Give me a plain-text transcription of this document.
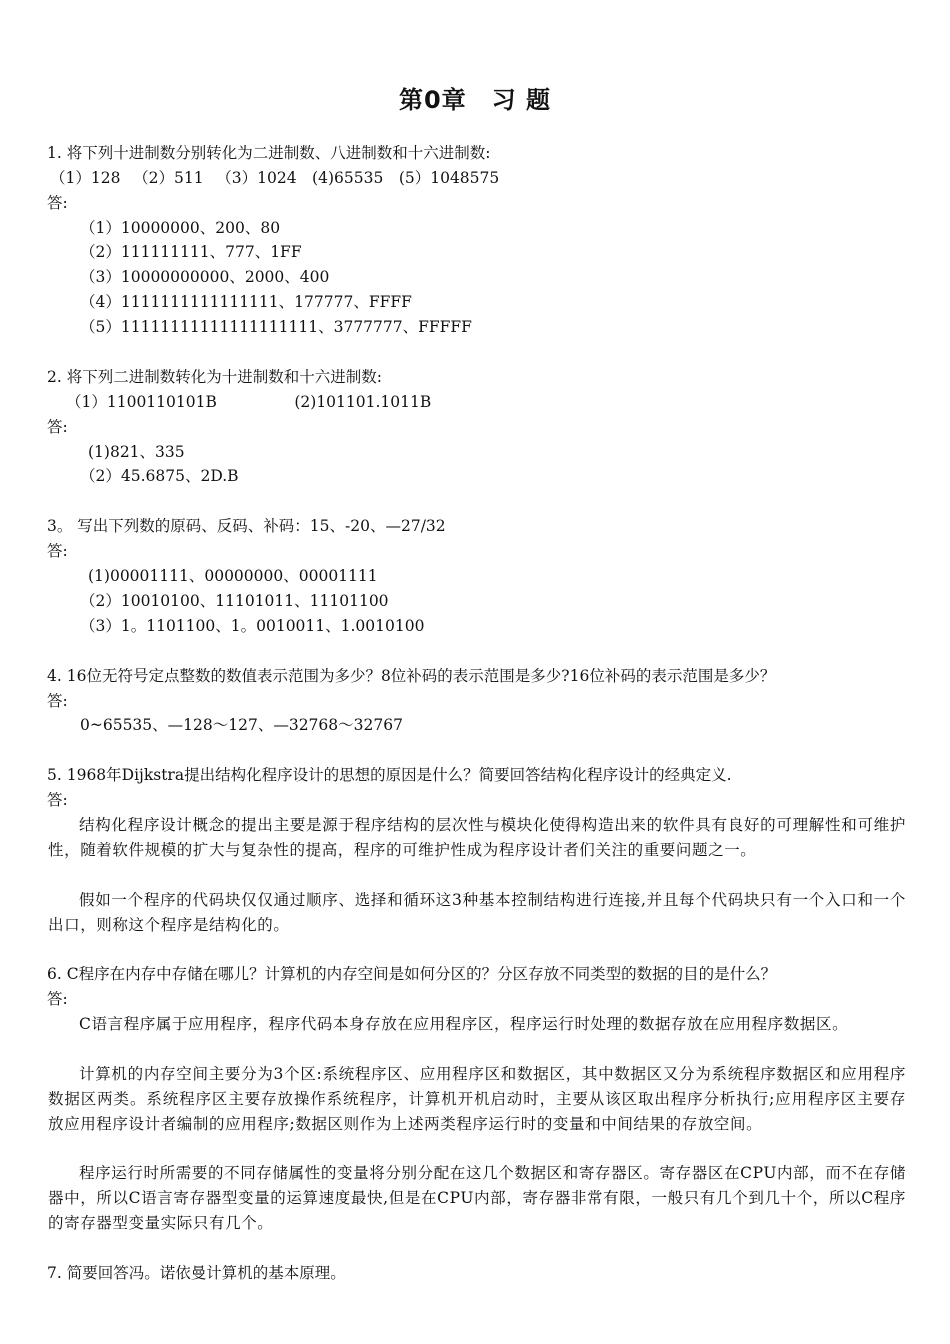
第0章　习 题

1. 将下列十进制数分别转化为二进制数、八进制数和十六进制数:

（1）128 　（2）511 　（3）1024　(4)65535　(5）1048575

答:

（1）10000000、200、80

（2）111111111、777、1FF

（3）10000000000、2000、400

（4）1111111111111111、177777、FFFF

（5）11111111111111111111、3777777、FFFFF

2. 将下列二进制数转化为十进制数和十六进制数:

（1）1100110101B　　　　　(2)101101.1011B

答:

(1)821、335

（2）45.6875、2D.B

3。 写出下列数的原码、反码、补码：15、-20、—27/32

答:

(1)00001111、00000000、00001111

（2）10010100、11101011、11101100

（3）1。1101100、1。0010011、1.0010100

4. 16位无符号定点整数的数值表示范围为多少？8位补码的表示范围是多少?16位补码的表示范围是多少？

答:

0~65535、—128～127、—32768～32767

5. 1968年Dijkstra提出结构化程序设计的思想的原因是什么？简要回答结构化程序设计的经典定义.

答:

结构化程序设计概念的提出主要是源于程序结构的层次性与模块化使得构造出来的软件具有良好的可理解性和可维护性，随着软件规模的扩大与复杂性的提高，程序的可维护性成为程序设计者们关注的重要问题之一。

假如一个程序的代码块仅仅通过顺序、选择和循环这3种基本控制结构进行连接,并且每个代码块只有一个入口和一个出口，则称这个程序是结构化的。

6. C程序在内存中存储在哪儿？计算机的内存空间是如何分区的？分区存放不同类型的数据的目的是什么？

答:

C语言程序属于应用程序，程序代码本身存放在应用程序区，程序运行时处理的数据存放在应用程序数据区。

计算机的内存空间主要分为3个区:系统程序区、应用程序区和数据区，其中数据区又分为系统程序数据区和应用程序数据区两类。系统程序区主要存放操作系统程序，计算机开机启动时，主要从该区取出程序分析执行;应用程序区主要存放应用程序设计者编制的应用程序;数据区则作为上述两类程序运行时的变量和中间结果的存放空间。

程序运行时所需要的不同存储属性的变量将分别分配在这几个数据区和寄存器区。寄存器区在CPU内部，而不在存储器中，所以C语言寄存器型变量的运算速度最快,但是在CPU内部，寄存器非常有限，一般只有几个到几十个，所以C程序的寄存器型变量实际只有几个。

7. 简要回答冯。诺依曼计算机的基本原理。
